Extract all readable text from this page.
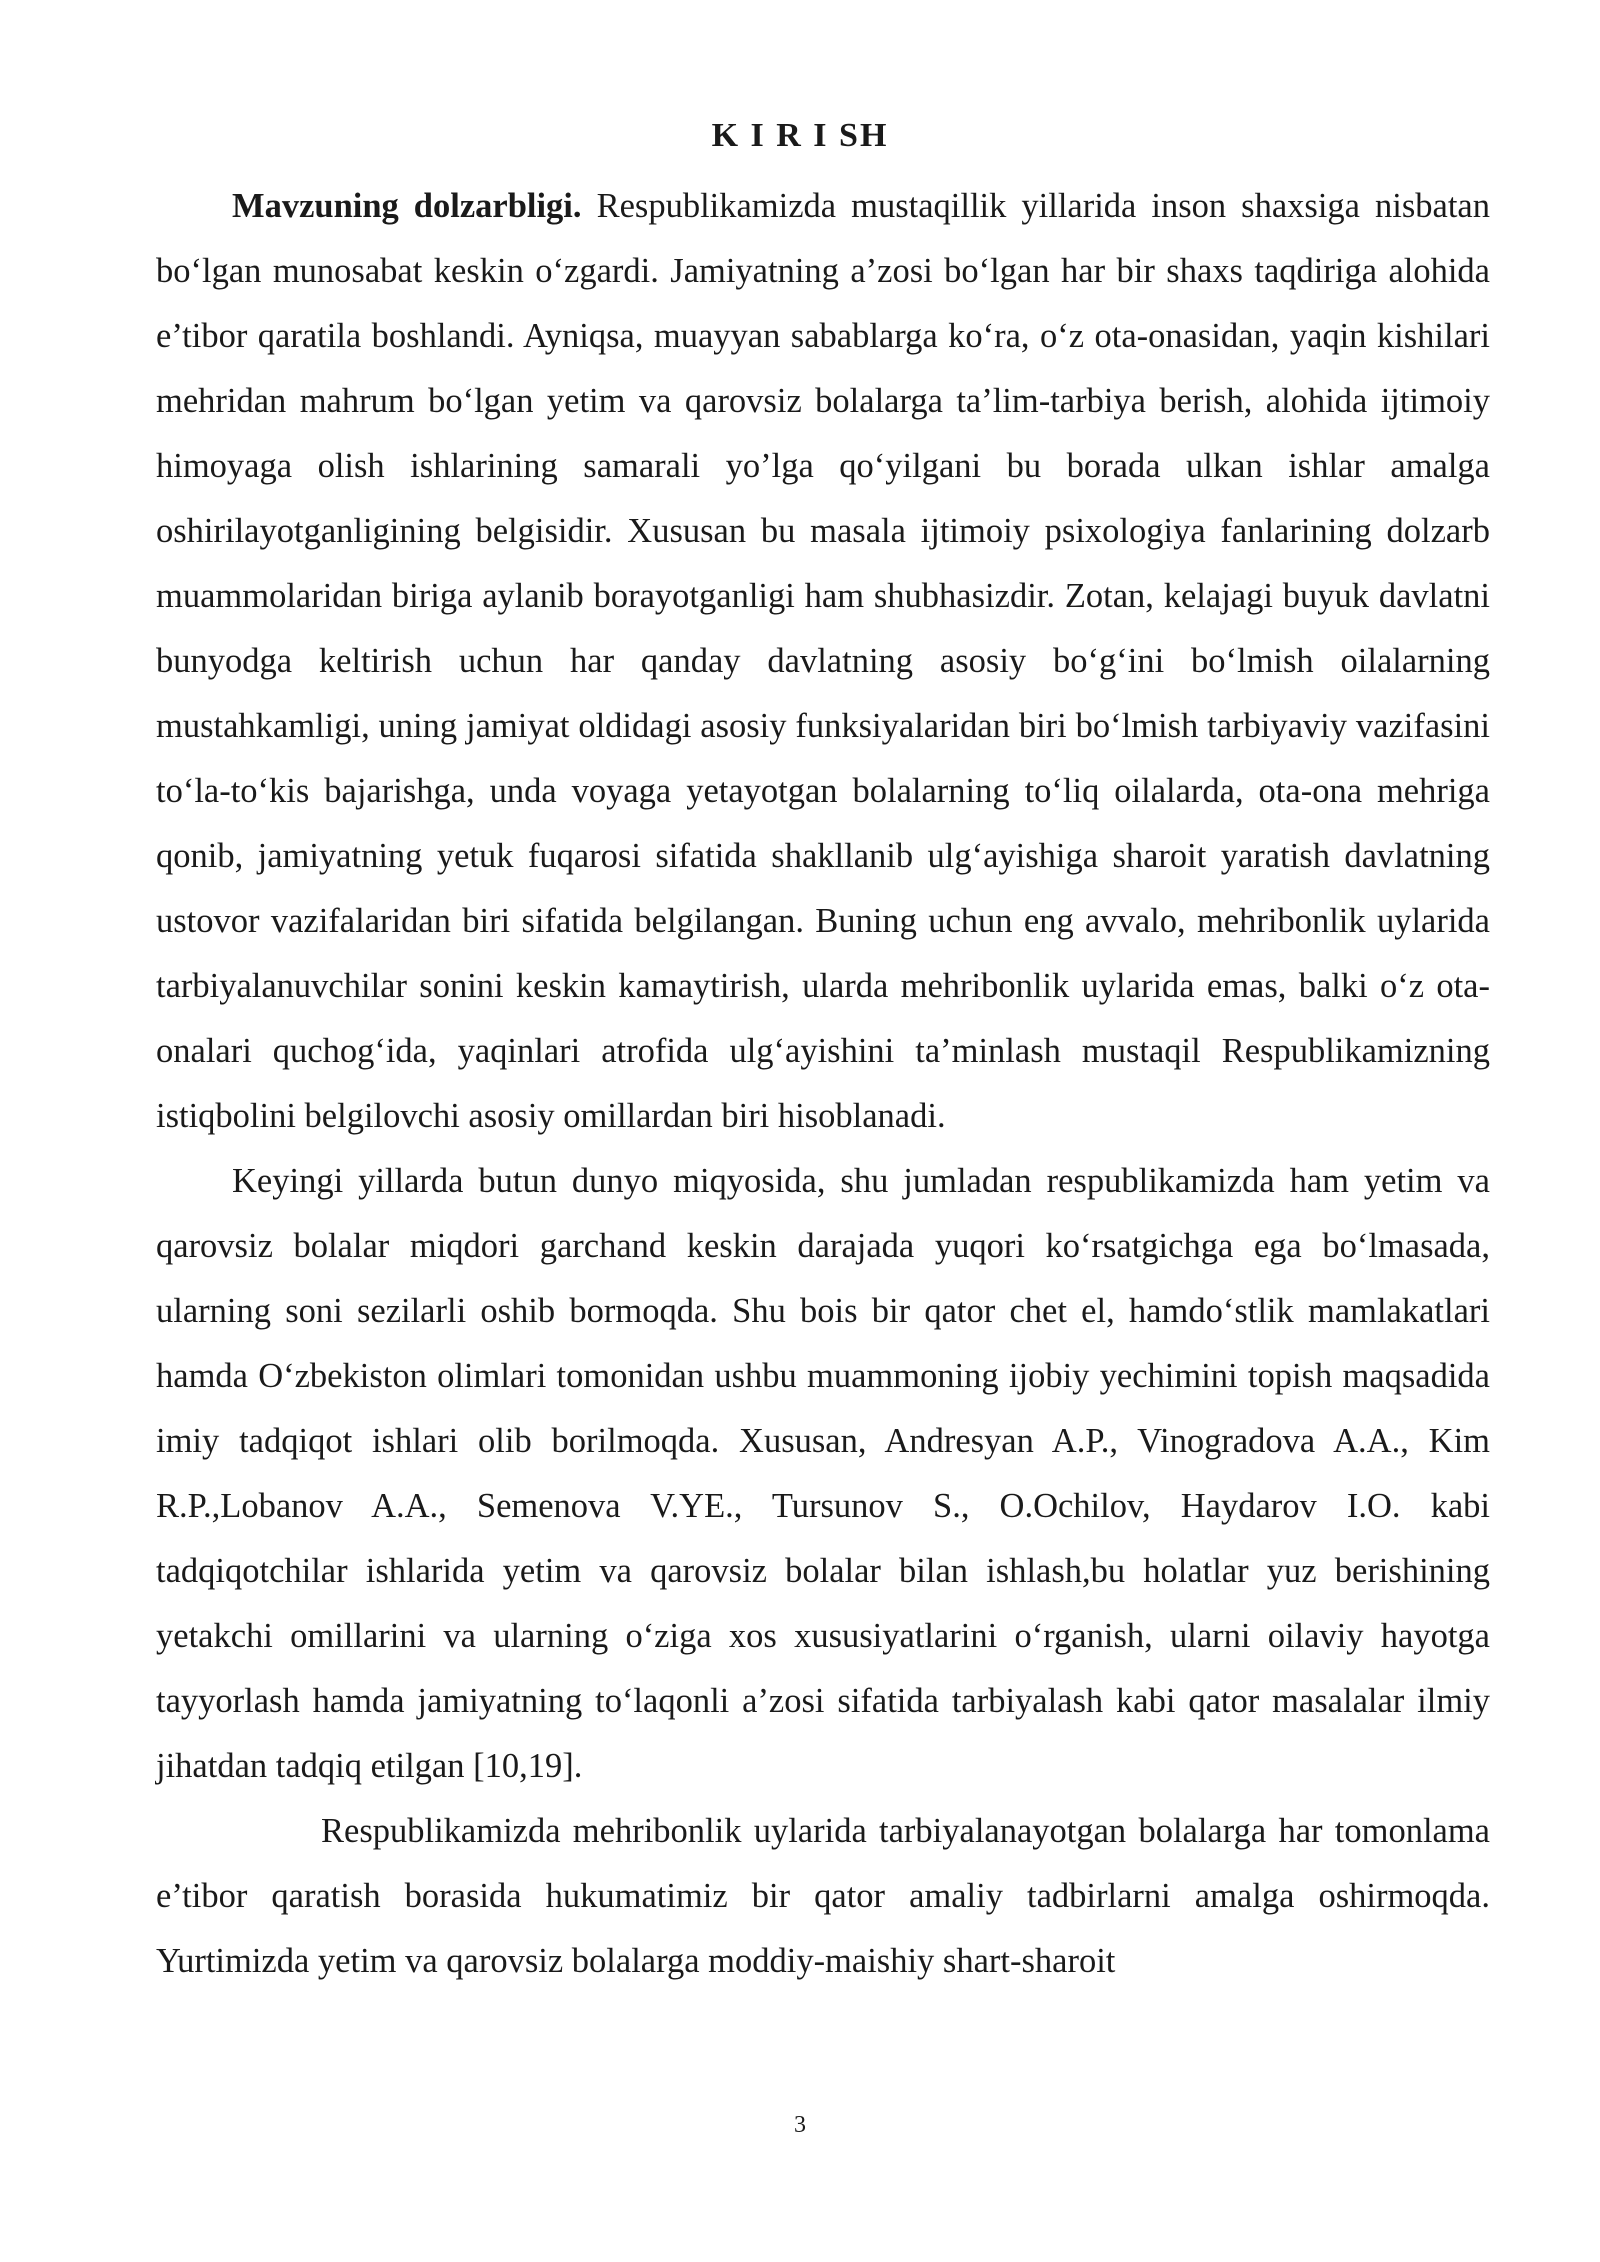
K I R I SH

Mavzuning dolzarbligi. Respublikamizda mustaqillik yillarida inson shaxsiga nisbatan bo‘lgan munosabat keskin o‘zgardi. Jamiyatning a’zosi bo‘lgan har bir shaxs taqdiriga alohida e’tibor qaratila boshlandi. Ayniqsa, muayyan sabablarga ko‘ra, o‘z ota-onasidan, yaqin kishilari mehridan mahrum bo‘lgan yetim va qarovsiz bolalarga ta’lim-tarbiya berish, alohida ijtimoiy himoyaga olish ishlarining samarali yo’lga qo‘yilgani bu borada ulkan ishlar amalga oshirilayotganligining belgisidir. Xususan bu masala ijtimoiy psixologiya fanlarining dolzarb muammolaridan biriga aylanib borayotganligi ham shubhasizdir. Zotan, kelajagi buyuk davlatni bunyodga keltirish uchun har qanday davlatning asosiy bo‘g‘ini bo‘lmish oilalarning mustahkamligi, uning jamiyat oldidagi asosiy funksiyalaridan biri bo‘lmish tarbiyaviy vazifasini to‘la-to‘kis bajarishga, unda voyaga yetayotgan bolalarning to‘liq oilalarda, ota-ona mehriga qonib, jamiyatning yetuk fuqarosi sifatida shakllanib ulg‘ayishiga sharoit yaratish davlatning ustovor vazifalaridan biri sifatida belgilangan. Buning uchun eng avvalo, mehribonlik uylarida tarbiyalanuvchilar sonini keskin kamaytirish, ularda mehribonlik uylarida emas, balki o‘z ota-onalari quchog‘ida, yaqinlari atrofida ulg‘ayishini ta’minlash mustaqil Respublikamizning istiqbolini belgilovchi asosiy omillardan biri hisoblanadi.

Keyingi yillarda butun dunyo miqyosida, shu jumladan respublikamizda ham yetim va qarovsiz bolalar miqdori garchand keskin darajada yuqori ko‘rsatgichga ega bo‘lmasada, ularning soni sezilarli oshib bormoqda. Shu bois bir qator chet el, hamdo‘stlik mamlakatlari hamda O‘zbekiston olimlari tomonidan ushbu muammoning ijobiy yechimini topish maqsadida imiy tadqiqot ishlari olib borilmoqda. Xususan, Andresyan A.P., Vinogradova A.A., Kim R.P.,Lobanov A.A., Semenova V.YE., Tursunov S., O.Ochilov, Haydarov I.O. kabi tadqiqotchilar ishlarida yetim va qarovsiz bolalar bilan ishlash,bu holatlar yuz berishining yetakchi omillarini va ularning o‘ziga xos xususiyatlarini o‘rganish, ularni oilaviy hayotga tayyorlash hamda jamiyatning to‘laqonli a’zosi sifatida tarbiyalash kabi qator masalalar ilmiy jihatdan tadqiq etilgan [10,19].

Respublikamizda mehribonlik uylarida tarbiyalanayotgan bolalarga har tomonlama e’tibor qaratish borasida hukumatimiz bir qator amaliy tadbirlarni amalga oshirmoqda. Yurtimizda yetim va qarovsiz bolalarga moddiy-maishiy shart-sharoit

3
